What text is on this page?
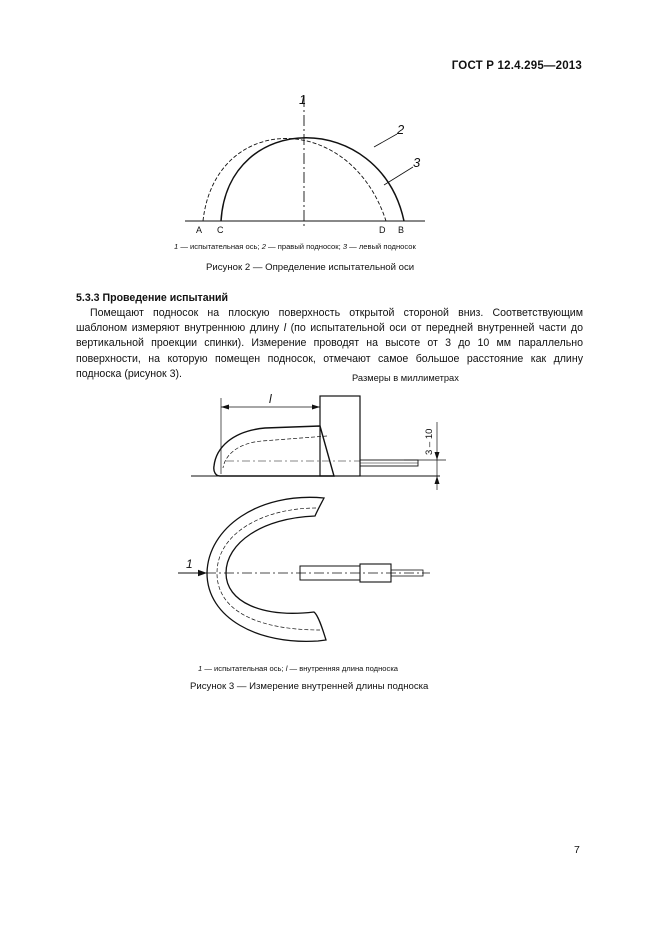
ГОСТ Р 12.4.295—2013
1
2
3
A C	D B
l
3 – 10
1
1 — испытательная ось; 2 — правый подносок; 3 — левый подносок
Рисунок 2 — Определение испытательной оси
5.3.3 Проведение испытаний
Помещают подносок на плоскую поверхность открытой стороной вниз. Соответствующим шаблоном измеряют внутреннюю длину l (по испытательной оси от передней внутренней части до вертикальной проекции спинки). Измерение проводят на высоте от 3 до 10 мм параллельно поверхности, на которую помещен подносок, отмечают самое большое расстояние как длину подноска (рисунок 3).	Размеры в миллиметрах
1 — испытательная ось; l — внутренняя длина подноска
Рисунок 3 — Измерение внутренней длины подноска
7
